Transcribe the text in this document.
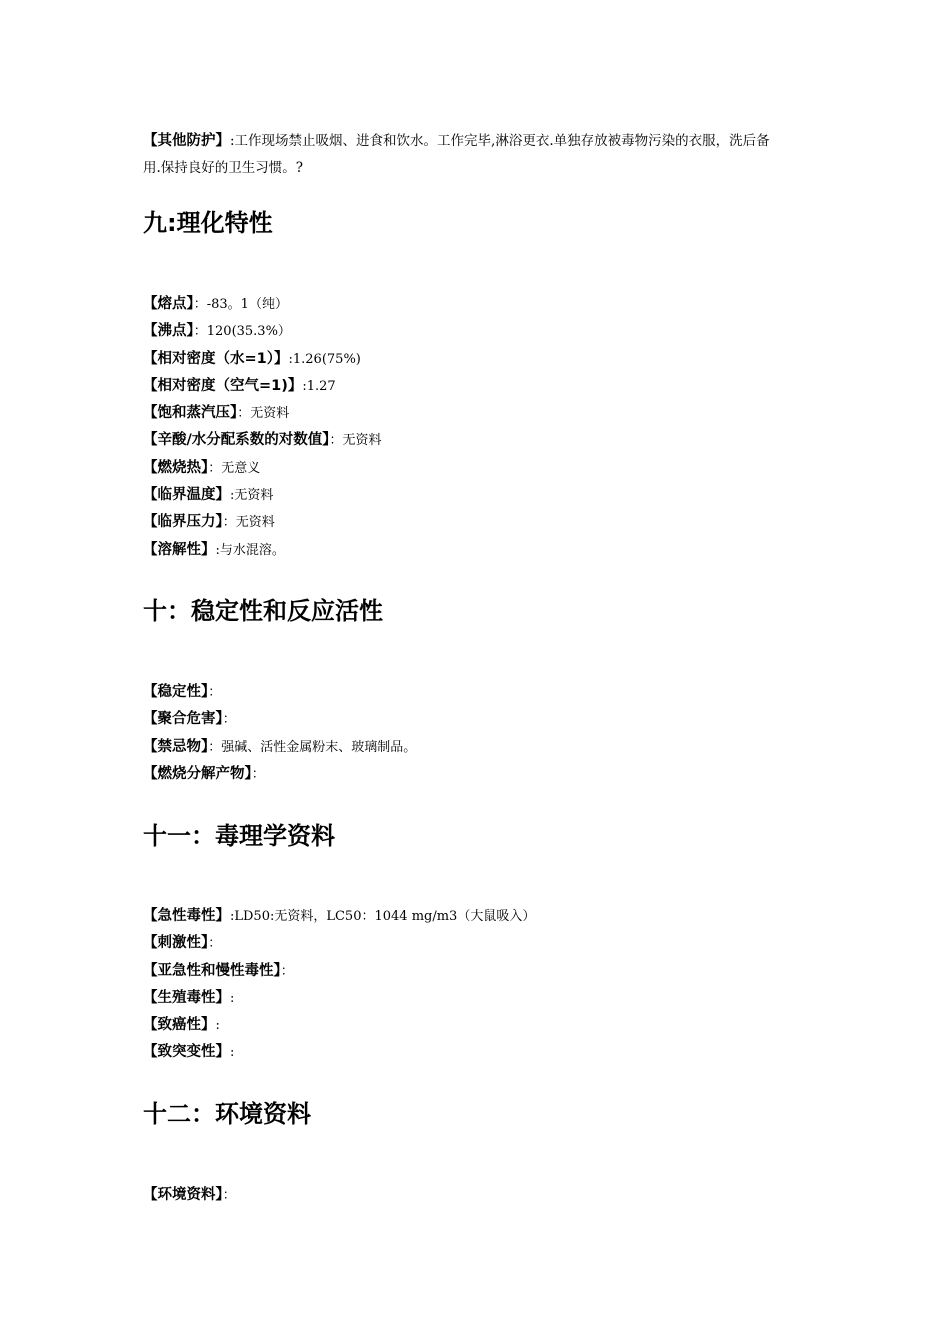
【其他防护】:工作现场禁止吸烟、进食和饮水。工作完毕,淋浴更衣.单独存放被毒物污染的衣服，洗后备用.保持良好的卫生习惯。?
九:理化特性
【熔点】：-83。1（纯）
【沸点】：120(35.3%）
【相对密度（水=1）】:1.26(75%)
【相对密度（空气=1)】:1.27
【饱和蒸汽压】：无资料
【辛酸/水分配系数的对数值】：无资料
【燃烧热】：无意义
【临界温度】:无资料
【临界压力】：无资料
【溶解性】:与水混溶。
十：稳定性和反应活性
【稳定性】：
【聚合危害】：
【禁忌物】：强碱、活性金属粉末、玻璃制品。
【燃烧分解产物】：
十一：毒理学资料
【急性毒性】:LD50:无资料，LC50：1044 mg/m3（大鼠吸入）
【刺激性】：
【亚急性和慢性毒性】：
【生殖毒性】:
【致癌性】:
【致突变性】:
十二：环境资料
【环境资料】：
